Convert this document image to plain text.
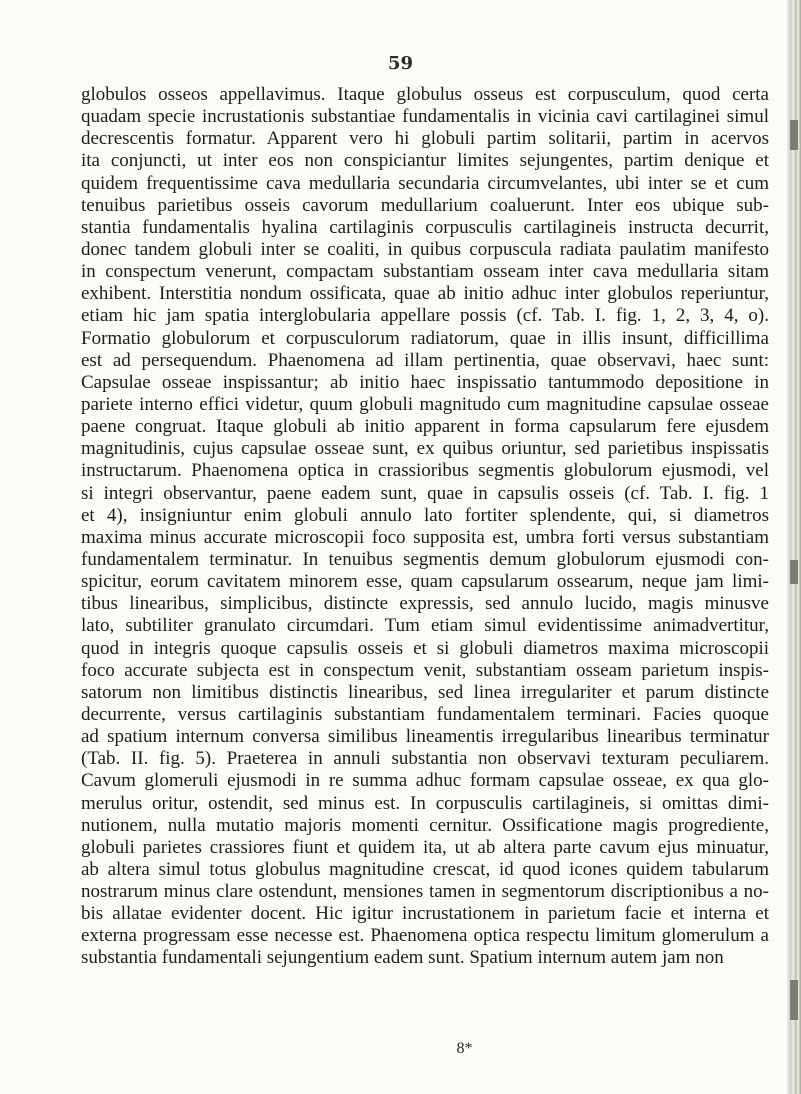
59
globulos osseos appellavimus. Itaque globulus osseus est corpusculum, quod certa
quadam specie incrustationis substantiae fundamentalis in vicinia cavi cartilaginei simul
decrescentis formatur. Apparent vero hi globuli partim solitarii, partim in acervos
ita conjuncti, ut inter eos non conspiciantur limites sejungentes, partim denique et
quidem frequentissime cava medullaria secundaria circumvelantes, ubi inter se et cum
tenuibus parietibus osseis cavorum medullarium coaluerunt. Inter eos ubique sub-
stantia fundamentalis hyalina cartilaginis corpusculis cartilagineis instructa decurrit,
donec tandem globuli inter se coaliti, in quibus corpuscula radiata paulatim manifesto
in conspectum venerunt, compactam substantiam osseam inter cava medullaria sitam
exhibent. Interstitia nondum ossificata, quae ab initio adhuc inter globulos reperiuntur,
etiam hic jam spatia interglobularia appellare possis (cf. Tab. I. fig. 1, 2, 3, 4, o).
Formatio globulorum et corpusculorum radiatorum, quae in illis insunt, difficillima
est ad persequendum. Phaenomena ad illam pertinentia, quae observavi, haec sunt:
Capsulae osseae inspissantur; ab initio haec inspissatio tantummodo depositione in
pariete interno effici videtur, quum globuli magnitudo cum magnitudine capsulae osseae
paene congruat. Itaque globuli ab initio apparent in forma capsularum fere ejusdem
magnitudinis, cujus capsulae osseae sunt, ex quibus oriuntur, sed parietibus inspissatis
instructarum. Phaenomena optica in crassioribus segmentis globulorum ejusmodi, vel
si integri observantur, paene eadem sunt, quae in capsulis osseis (cf. Tab. I. fig. 1
et 4), insigniuntur enim globuli annulo lato fortiter splendente, qui, si diametros
maxima minus accurate microscopii foco supposita est, umbra forti versus substantiam
fundamentalem terminatur. In tenuibus segmentis demum globulorum ejusmodi con-
spicitur, eorum cavitatem minorem esse, quam capsularum ossearum, neque jam limi-
tibus linearibus, simplicibus, distincte expressis, sed annulo lucido, magis minusve
lato, subtiliter granulato circumdari. Tum etiam simul evidentissime animadvertitur,
quod in integris quoque capsulis osseis et si globuli diametros maxima microscopii
foco accurate subjecta est in conspectum venit, substantiam osseam parietum inspis-
satorum non limitibus distinctis linearibus, sed linea irregulariter et parum distincte
decurrente, versus cartilaginis substantiam fundamentalem terminari. Facies quoque
ad spatium internum conversa similibus lineamentis irregularibus linearibus terminatur
(Tab. II. fig. 5). Praeterea in annuli substantia non observavi texturam peculiarem.
Cavum glomeruli ejusmodi in re summa adhuc formam capsulae osseae, ex qua glo-
merulus oritur, ostendit, sed minus est. In corpusculis cartilagineis, si omittas dimi-
nutionem, nulla mutatio majoris momenti cernitur. Ossificatione magis progrediente,
globuli parietes crassiores fiunt et quidem ita, ut ab altera parte cavum ejus minuatur,
ab altera simul totus globulus magnitudine crescat, id quod icones quidem tabularum
nostrarum minus clare ostendunt, mensiones tamen in segmentorum discriptionibus a no-
bis allatae evidenter docent. Hic igitur incrustationem in parietum facie et interna et
externa progressam esse necesse est. Phaenomena optica respectu limitum glomerulum a
substantia fundamentali sejungentium eadem sunt. Spatium internum autem jam non
8*
